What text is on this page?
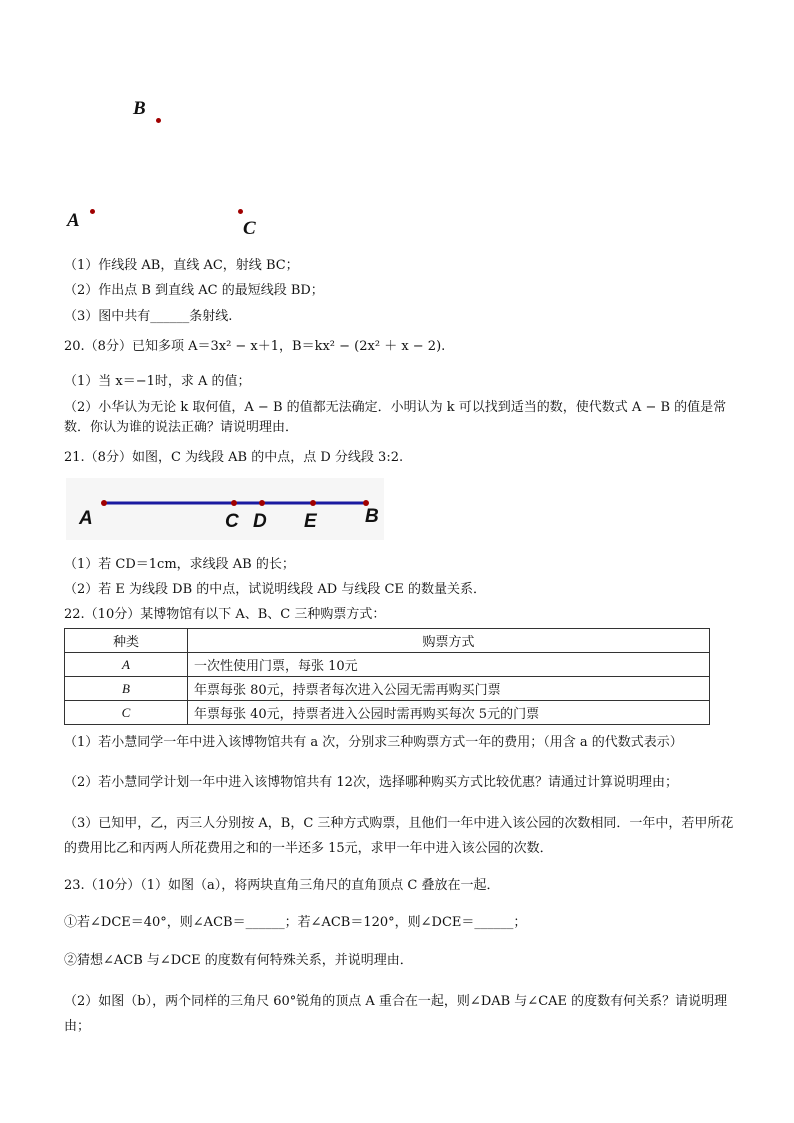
B
A	C
（1）作线段 AB，直线 AC，射线 BC；
（2）作出点 B 到直线 AC 的最短线段 BD；
（3）图中共有______条射线.
20.（8分）已知多项 A＝3x² − x＋1，B＝kx² − (2x² ＋ x − 2).
（1）当 x＝−1时，求 A 的值；
（2）小华认为无论 k 取何值，A − B 的值都无法确定．小明认为 k 可以找到适当的数，使代数式 A − B 的值是常数．你认为谁的说法正确？请说明理由．
21.（8分）如图，C 为线段 AB 的中点，点 D 分线段 3:2.
A	C D E	B
（1）若 CD＝1cm，求线段 AB 的长；
（2）若 E 为线段 DB 的中点，试说明线段 AD 与线段 CE 的数量关系．
22.（10分）某博物馆有以下 A、B、C 三种购票方式：
种类	购票方式
A	一次性使用门票，每张 10元
B	年票每张 80元，持票者每次进入公园无需再购买门票
C	年票每张 40元，持票者进入公园时需再购买每次 5元的门票
（1）若小慧同学一年中进入该博物馆共有 a 次，分别求三种购票方式一年的费用；（用含 a 的代数式表示）
（2）若小慧同学计划一年中进入该博物馆共有 12次，选择哪种购买方式比较优惠？请通过计算说明理由；
（3）已知甲，乙，丙三人分别按 A，B，C 三种方式购票，且他们一年中进入该公园的次数相同．一年中，若甲所花的费用比乙和丙两人所花费用之和的一半还多 15元，求甲一年中进入该公园的次数．
23.（10分）（1）如图（a），将两块直角三角尺的直角顶点 C 叠放在一起．
①若∠DCE＝40°，则∠ACB＝______；若∠ACB＝120°，则∠DCE＝______；
②猜想∠ACB 与∠DCE 的度数有何特殊关系，并说明理由．
（2）如图（b），两个同样的三角尺 60°锐角的顶点 A 重合在一起，则∠DAB 与∠CAE 的度数有何关系？请说明理由；
